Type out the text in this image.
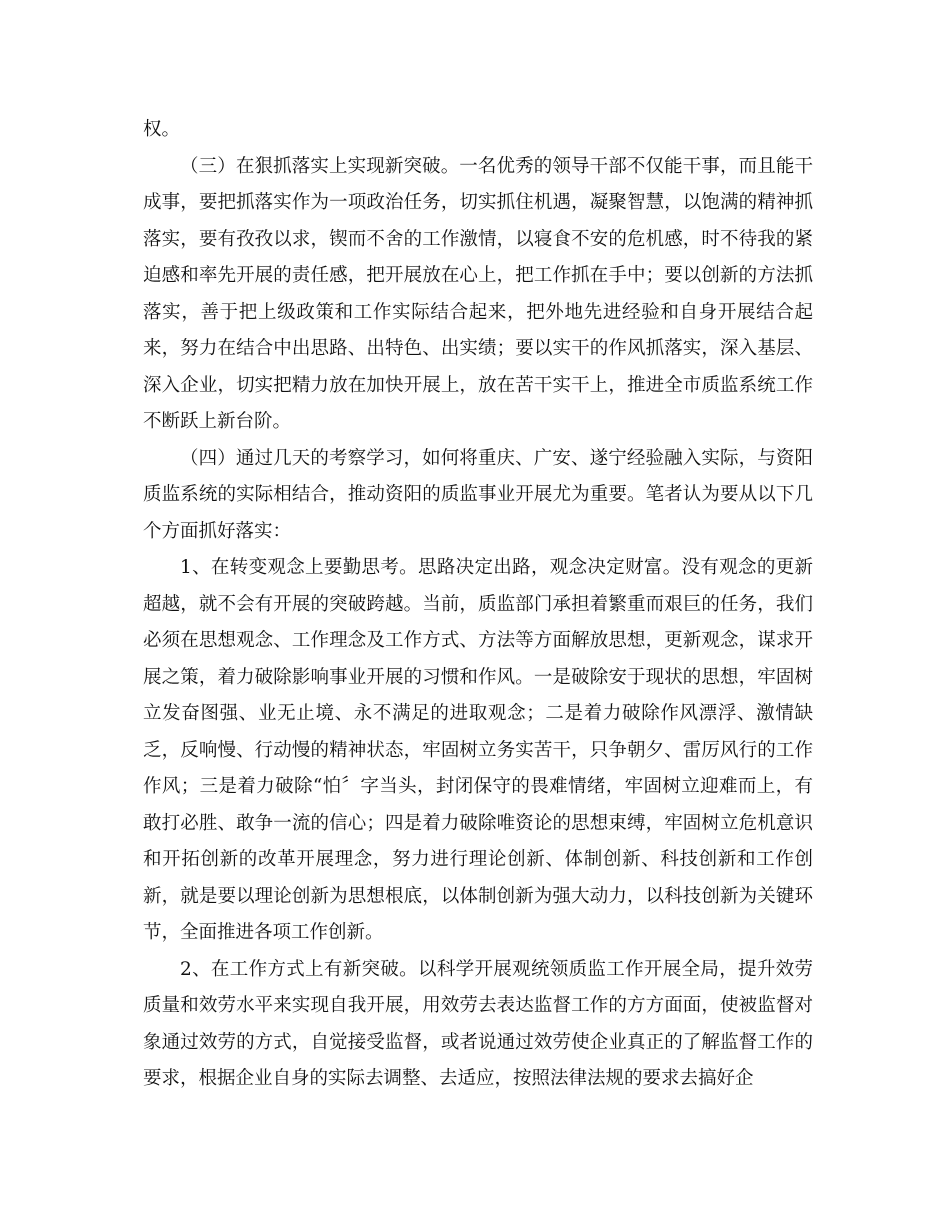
权。

（三）在狠抓落实上实现新突破。一名优秀的领导干部不仅能干事，而且能干成事，要把抓落实作为一项政治任务，切实抓住机遇，凝聚智慧，以饱满的精神抓落实，要有孜孜以求，锲而不舍的工作激情，以寝食不安的危机感，时不待我的紧迫感和率先开展的责任感，把开展放在心上，把工作抓在手中；要以创新的方法抓落实，善于把上级政策和工作实际结合起来，把外地先进经验和自身开展结合起来，努力在结合中出思路、出特色、出实绩；要以实干的作风抓落实，深入基层、深入企业，切实把精力放在加快开展上，放在苦干实干上，推进全市质监系统工作不断跃上新台阶。

（四）通过几天的考察学习，如何将重庆、广安、遂宁经验融入实际，与资阳质监系统的实际相结合，推动资阳的质监事业开展尤为重要。笔者认为要从以下几个方面抓好落实：

1、在转变观念上要勤思考。思路决定出路，观念决定财富。没有观念的更新超越，就不会有开展的突破跨越。当前，质监部门承担着繁重而艰巨的任务，我们必须在思想观念、工作理念及工作方式、方法等方面解放思想，更新观念，谋求开展之策，着力破除影响事业开展的习惯和作风。一是破除安于现状的思想，牢固树立发奋图强、业无止境、永不满足的进取观念；二是着力破除作风漂浮、激情缺乏，反响慢、行动慢的精神状态，牢固树立务实苦干，只争朝夕、雷厉风行的工作作风；三是着力破除“怕〞字当头，封闭保守的畏难情绪，牢固树立迎难而上，有敢打必胜、敢争一流的信心；四是着力破除唯资论的思想束缚，牢固树立危机意识和开拓创新的改革开展理念，努力进行理论创新、体制创新、科技创新和工作创新，就是要以理论创新为思想根底，以体制创新为强大动力，以科技创新为关键环节，全面推进各项工作创新。

2、在工作方式上有新突破。以科学开展观统领质监工作开展全局，提升效劳质量和效劳水平来实现自我开展，用效劳去表达监督工作的方方面面，使被监督对象通过效劳的方式，自觉接受监督，或者说通过效劳使企业真正的了解监督工作的要求，根据企业自身的实际去调整、去适应，按照法律法规的要求去搞好企
